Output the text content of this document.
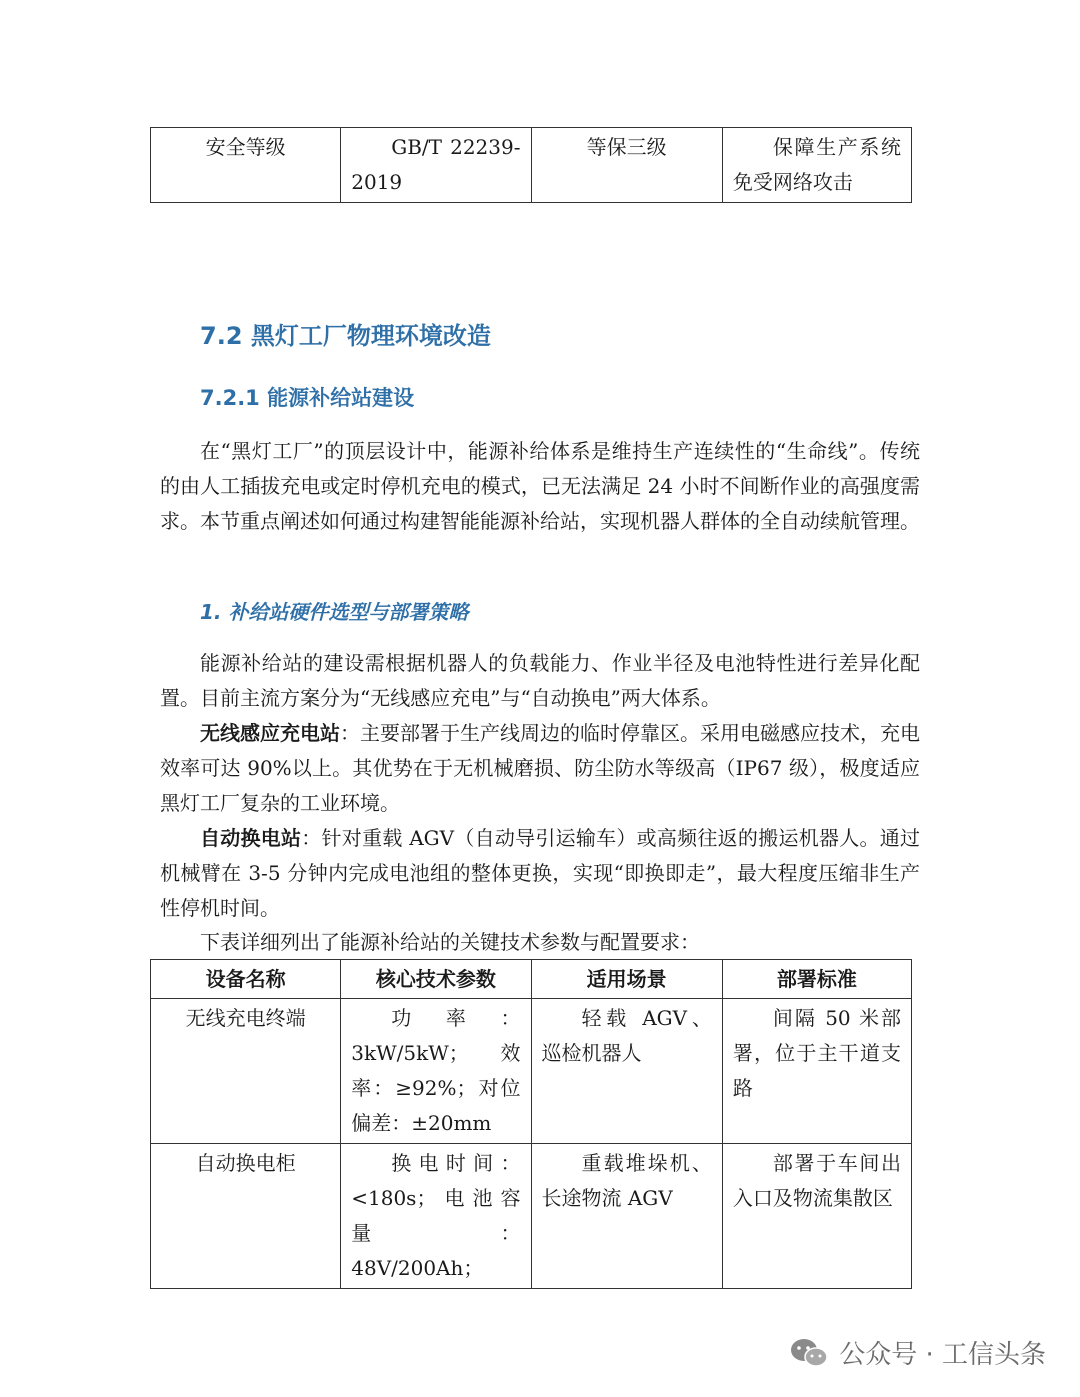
安全等级	GB/T 22239-2019	等保三级	保障生产系统免受网络攻击
7.2 黑灯工厂物理环境改造
7.2.1 能源补给站建设

在“黑灯工厂”的顶层设计中，能源补给体系是维持生产连续性的“生命线”。传统的由人工插拔充电或定时停机充电的模式，已无法满足 24 小时不间断作业的高强度需求。本节重点阐述如何通过构建智能能源补给站，实现机器人群体的全自动续航管理。

1. 补给站硬件选型与部署策略

能源补给站的建设需根据机器人的负载能力、作业半径及电池特性进行差异化配置。目前主流方案分为“无线感应充电”与“自动换电”两大体系。

无线感应充电站：主要部署于生产线周边的临时停靠区。采用电磁感应技术，充电效率可达 90%以上。其优势在于无机械磨损、防尘防水等级高（IP67 级），极度适应黑灯工厂复杂的工业环境。

自动换电站：针对重载 AGV（自动导引运输车）或高频往返的搬运机器人。通过机械臂在 3-5 分钟内完成电池组的整体更换，实现“即换即走”，最大程度压缩非生产性停机时间。

下表详细列出了能源补给站的关键技术参数与配置要求：

设备名称	核心技术参数	适用场景	部署标准
无线充电终端	功率：3kW/5kW；效率：≥92%；对位偏差：±20mm	轻载 AGV、巡检机器人	间隔 50 米部署，位于主干道支路
自动换电柜	换电时间：<180s；电池容量：48V/200Ah；	重载堆垛机、长途物流 AGV	部署于车间出入口及物流集散区
公众号 · 工信头条
